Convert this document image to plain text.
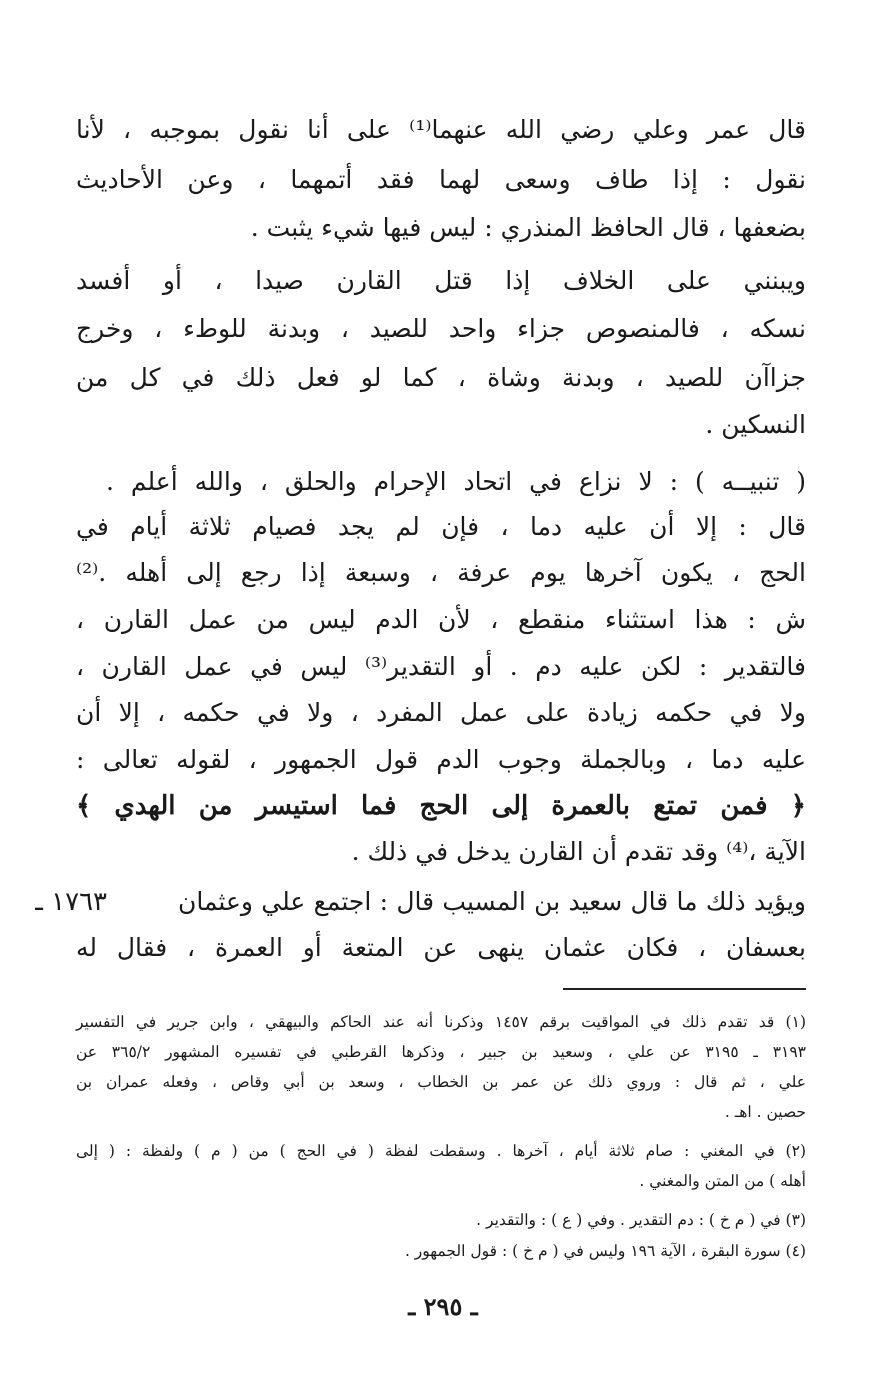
قال عمر وعلي رضي الله عنهما⁽¹⁾ على أنا نقول بموجبه ، لأنا
نقول : إذا طاف وسعى لهما فقد أتمهما ، وعن الأحاديث
بضعفها ، قال الحافظ المنذري : ليس فيها شيء يثبت .
ويبنني على الخلاف إذا قتل القارن صيدا ، أو أفسد
نسكه ، فالمنصوص جزاء واحد للصيد ، وبدنة للوطء ، وخرج
جزاآن للصيد ، وبدنة وشاة ، كما لو فعل ذلك في كل من
النسكين .
( تنبيــه ) : لا نزاع في اتحاد الإحرام والحلق ، والله أعلم .
قال : إلا أن عليه دما ، فإن لم يجد فصيام ثلاثة أيام في
الحج ، يكون آخرها يوم عرفة ، وسبعة إذا رجع إلى أهله .⁽²⁾
ش : هذا استثناء منقطع ، لأن الدم ليس من عمل القارن ،
فالتقدير : لكن عليه دم . أو التقدير⁽³⁾ ليس في عمل القارن ،
ولا في حكمه زيادة على عمل المفرد ، ولا في حكمه ، إلا أن
عليه دما ، وبالجملة وجوب الدم قول الجمهور ، لقوله تعالى :
﴿ فمن تمتع بالعمرة إلى الحج فما استيسر من الهدي ﴾
الآية ،⁽⁴⁾ وقد تقدم أن القارن يدخل في ذلك .
١٧٦٣ ـ	ويؤيد ذلك ما قال سعيد بن المسيب قال : اجتمع علي وعثمان
بعسفان ، فكان عثمان ينهى عن المتعة أو العمرة ، فقال له
(١) قد تقدم ذلك في المواقيت برقم ١٤٥٧ وذكرنا أنه عند الحاكم والبيهقي ، وابن جرير في التفسير
٣١٩٣ ـ ٣١٩٥ عن علي ، وسعيد بن جبير ، وذكرها القرطبي في تفسيره المشهور ٣٦٥/٢ عن
علي ، ثم قال : وروي ذلك عن عمر بن الخطاب ، وسعد بن أبي وقاص ، وفعله عمران بن
حصين . اهـ .
(٢) في المغني : صام ثلاثة أيام ، آخرها . وسقطت لفظة ( في الحج ) من ( م ) ولفظة : ( إلى
أهله ) من المتن والمغني .
(٣) في ( م خ ) : دم التقدير . وفي ( ع ) : والتقدير .
(٤) سورة البقرة ، الآية ١٩٦ وليس في ( م خ ) : قول الجمهور .
ـ ٢٩٥ ـ
